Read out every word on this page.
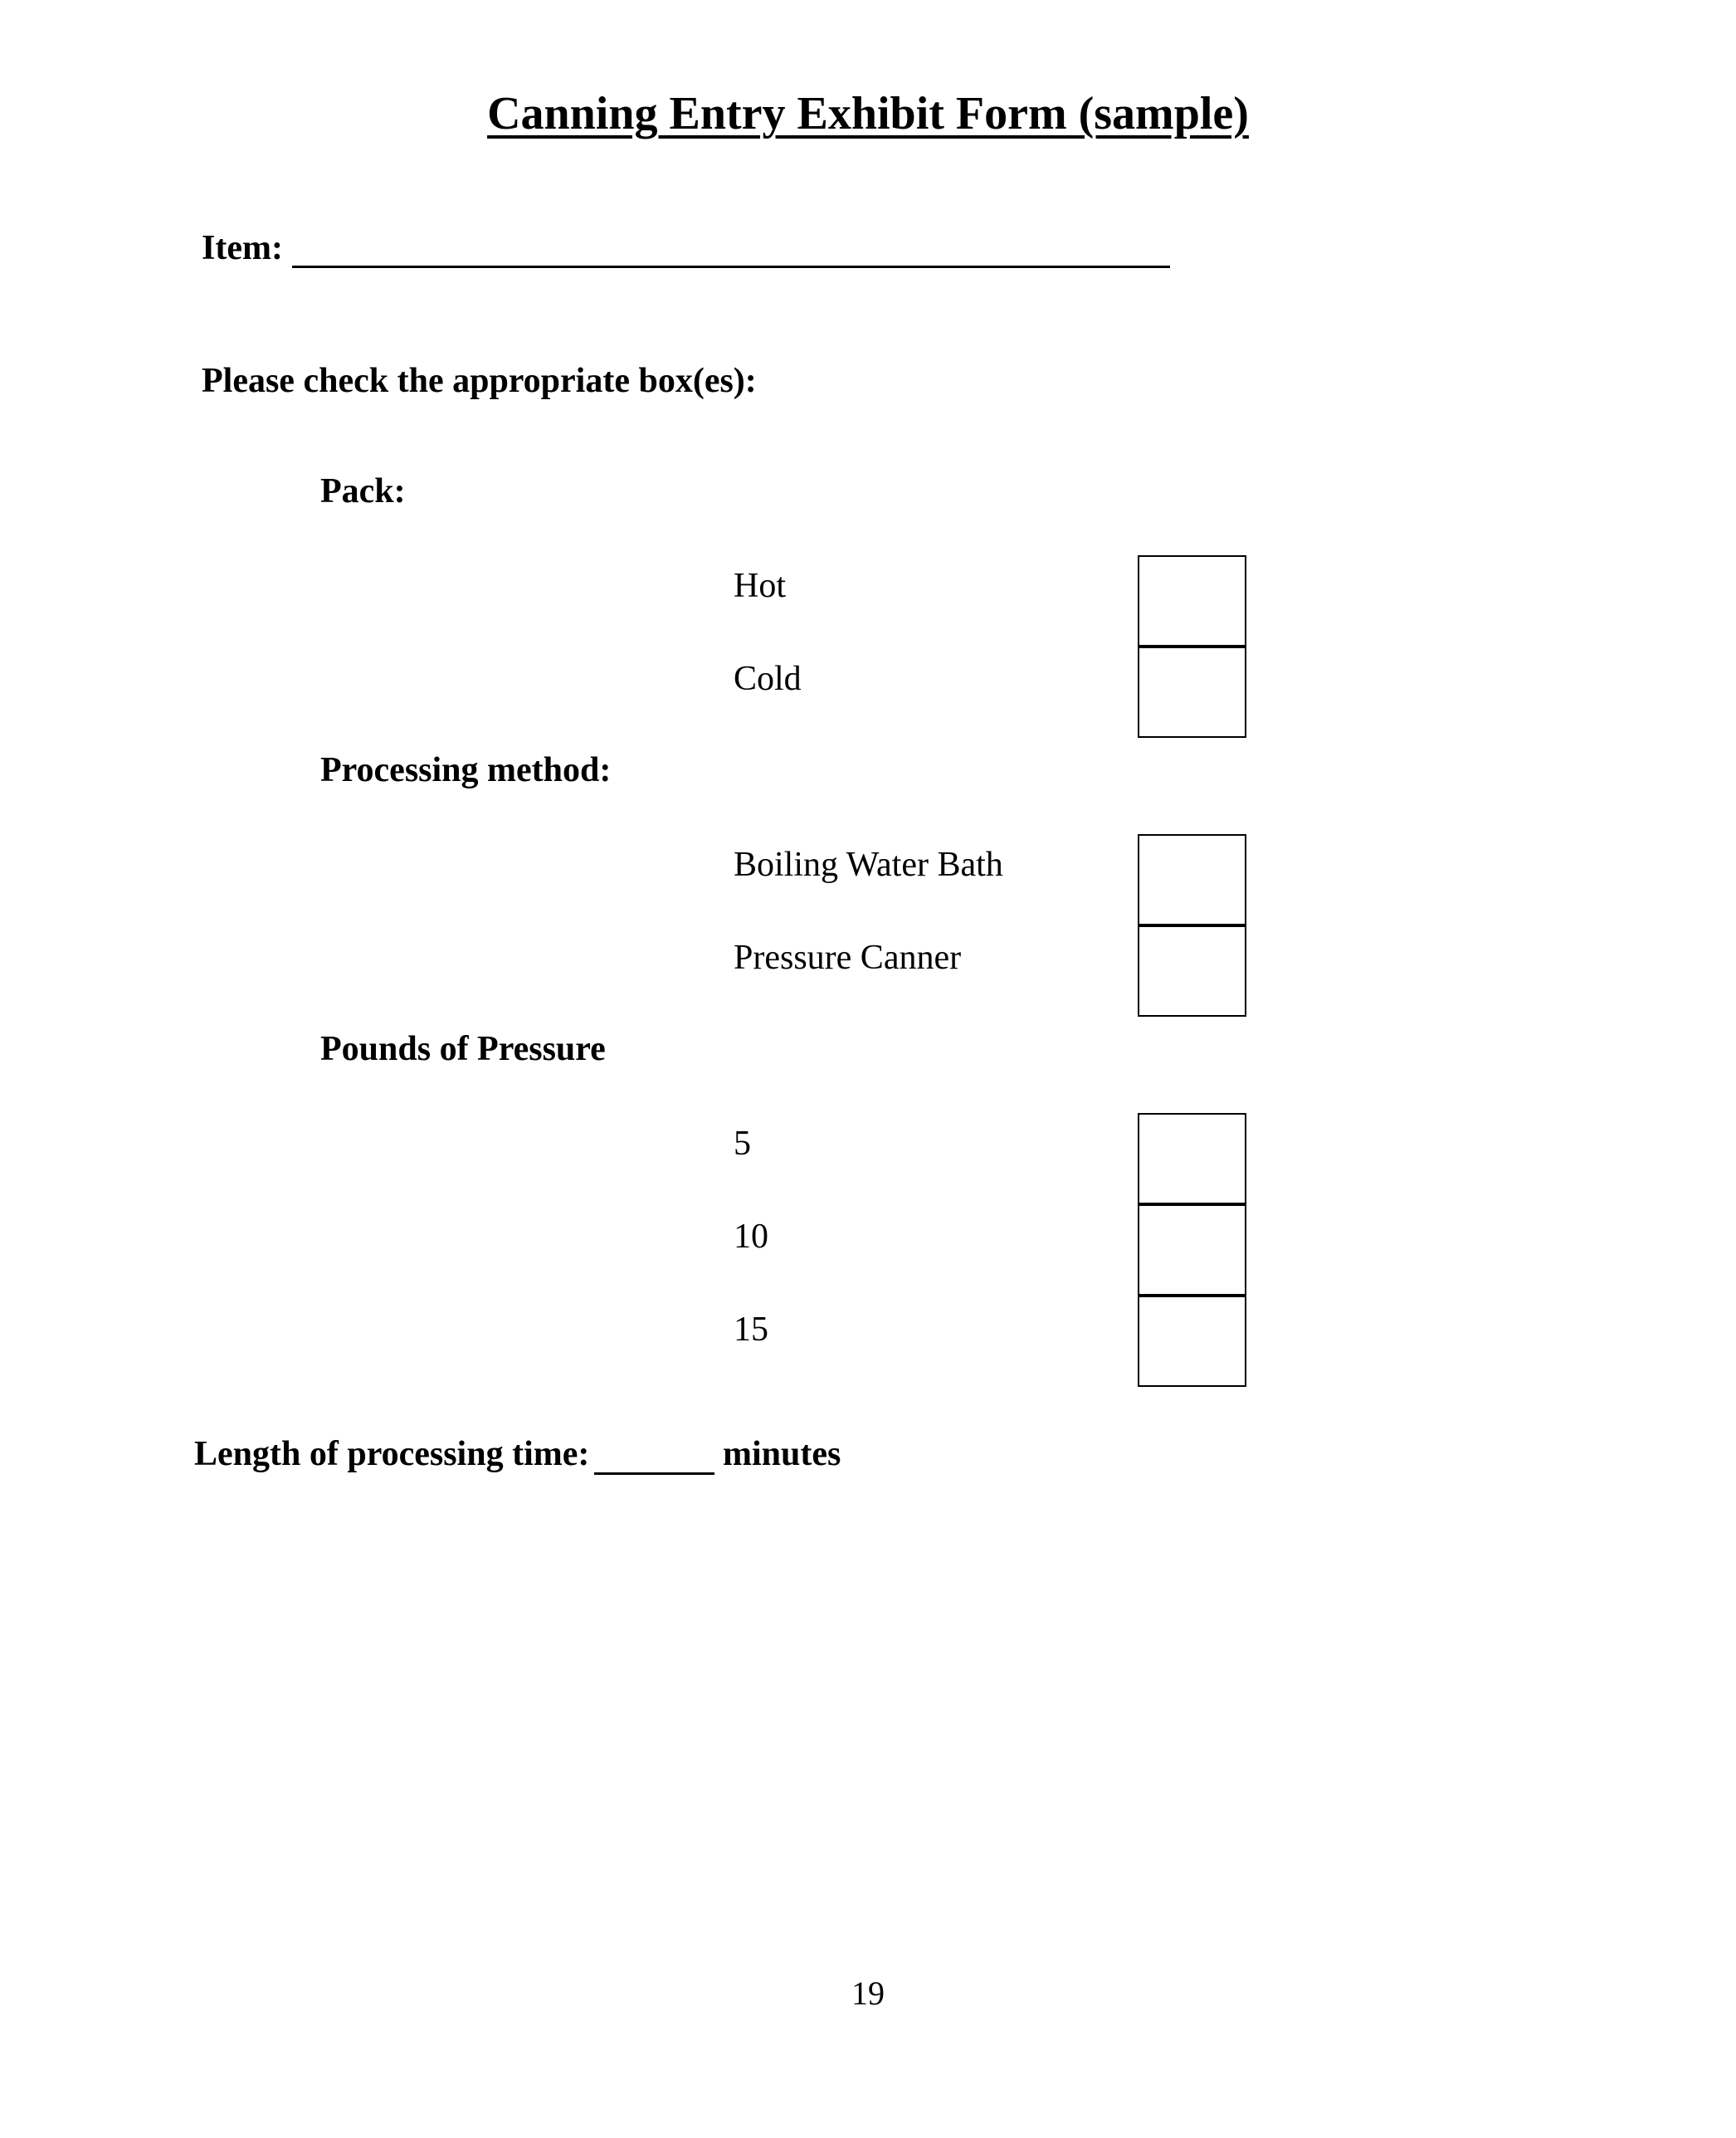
Canning Entry Exhibit Form (sample)
Item:
Please check the appropriate box(es):
Pack:
Hot
Cold
Processing method:
Boiling Water Bath
Pressure Canner
Pounds of Pressure
5
10
15
Length of processing time:	minutes
19
